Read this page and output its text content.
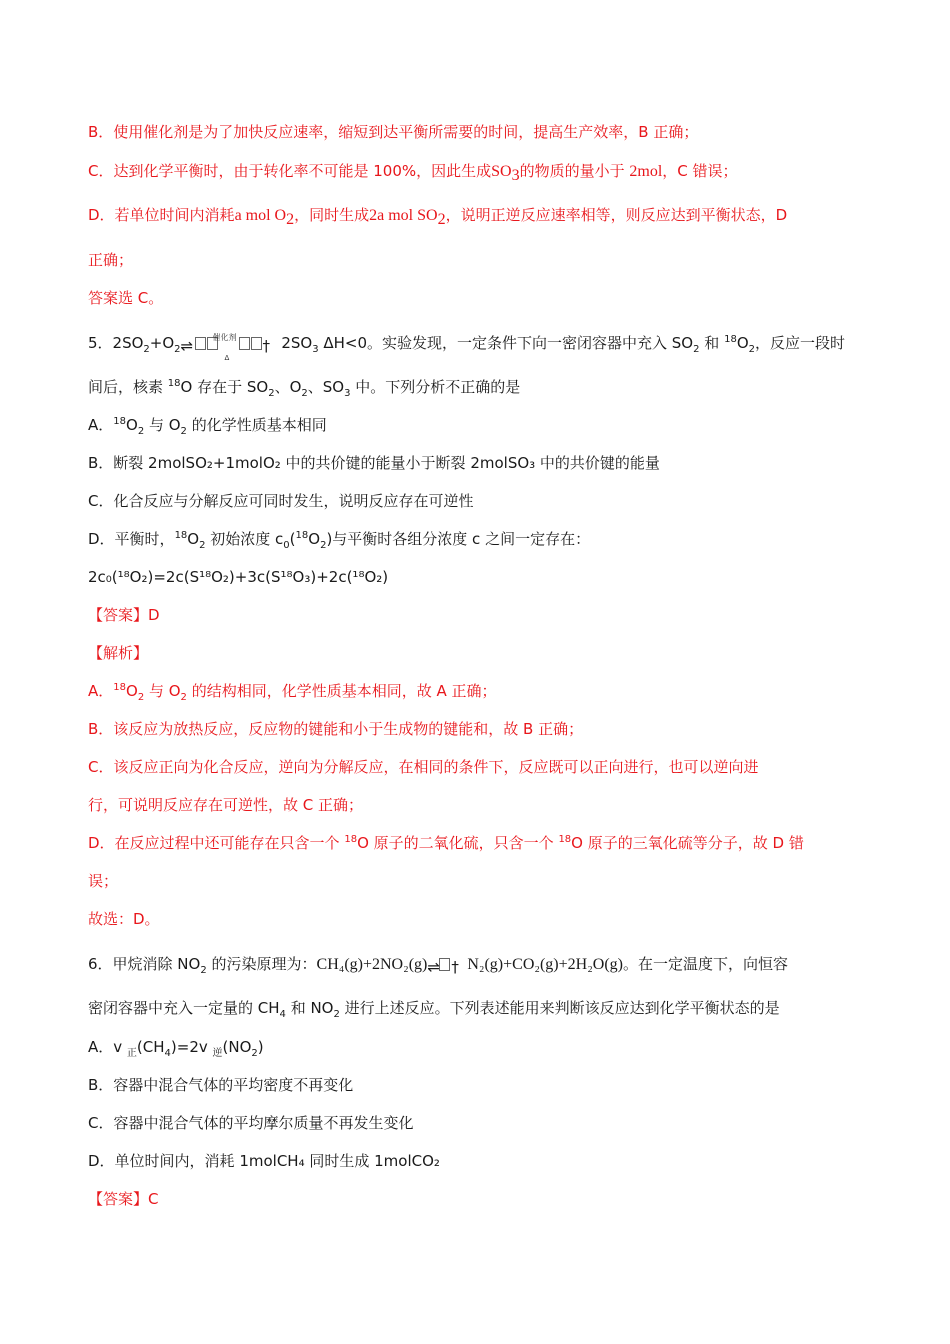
B．使用催化剂是为了加快反应速率，缩短到达平衡所需要的时间，提高生产效率，B 正确；
C．达到化学平衡时，由于转化率不可能是 100%，因此生成$SO_3$的物质的量小于 2mol，C 错误；
D．若单位时间内消耗a mol $O_2$，同时生成2a mol $SO_2$，说明正逆反应速率相等，则反应达到平衡状态，D
正确；
答案选 C。
5．$2SO_2+O_2$ ⇌ 催化剂
Δ
† $2SO_3$ ΔH<0。实验发现，一定条件下向一密闭容器中充入 $SO_2$ 和 $^{18}O_2$，反应一段时
间后，核素 $^{18}$O 存在于 $SO_2$、$O_2$、$SO_3$ 中。下列分析不正确的是
A．$^{18}O_2$ 与 $O_2$ 的化学性质基本相同
B．断裂 2molSO₂+1molO₂ 中的共价键的能量小于断裂 2molSO₃ 中的共价键的能量
C．化合反应与分解反应可同时发生，说明反应存在可逆性
D．平衡时，$^{18}O_2$ 初始浓度 $c_0(^{18}O_2)$与平衡时各组分浓度 c 之间一定存在：
2c₀(¹⁸O₂)=2c(S¹⁸O₂)+3c(S¹⁸O₃)+2c(¹⁸O₂)
【答案】D
【解析】
A．$^{18}O_2$ 与 $O_2$ 的结构相同，化学性质基本相同，故 A 正确；
B．该反应为放热反应，反应物的键能和小于生成物的键能和，故 B 正确；
C．该反应正向为化合反应，逆向为分解反应，在相同的条件下，反应既可以正向进行，也可以逆向进
行，可说明反应存在可逆性，故 C 正确；
D．在反应过程中还可能存在只含一个 $^{18}$O 原子的二氧化硫，只含一个 $^{18}$O 原子的三氧化硫等分子，故 D 错
误；
故选：D。
6．甲烷消除 $NO_2$ 的污染原理为：CH₄(g)+2NO₂(g) ⇌ † N₂(g)+CO₂(g)+2H₂O(g)。在一定温度下，向恒容
密闭容器中充入一定量的 $CH_4$ 和 $NO_2$ 进行上述反应。下列表述能用来判断该反应达到化学平衡状态的是
A．v $_正(CH_4)=2v$ $_逆(NO_2)$
B．容器中混合气体的平均密度不再变化
C．容器中混合气体的平均摩尔质量不再发生变化
D．单位时间内，消耗 1molCH₄ 同时生成 1molCO₂
【答案】C
